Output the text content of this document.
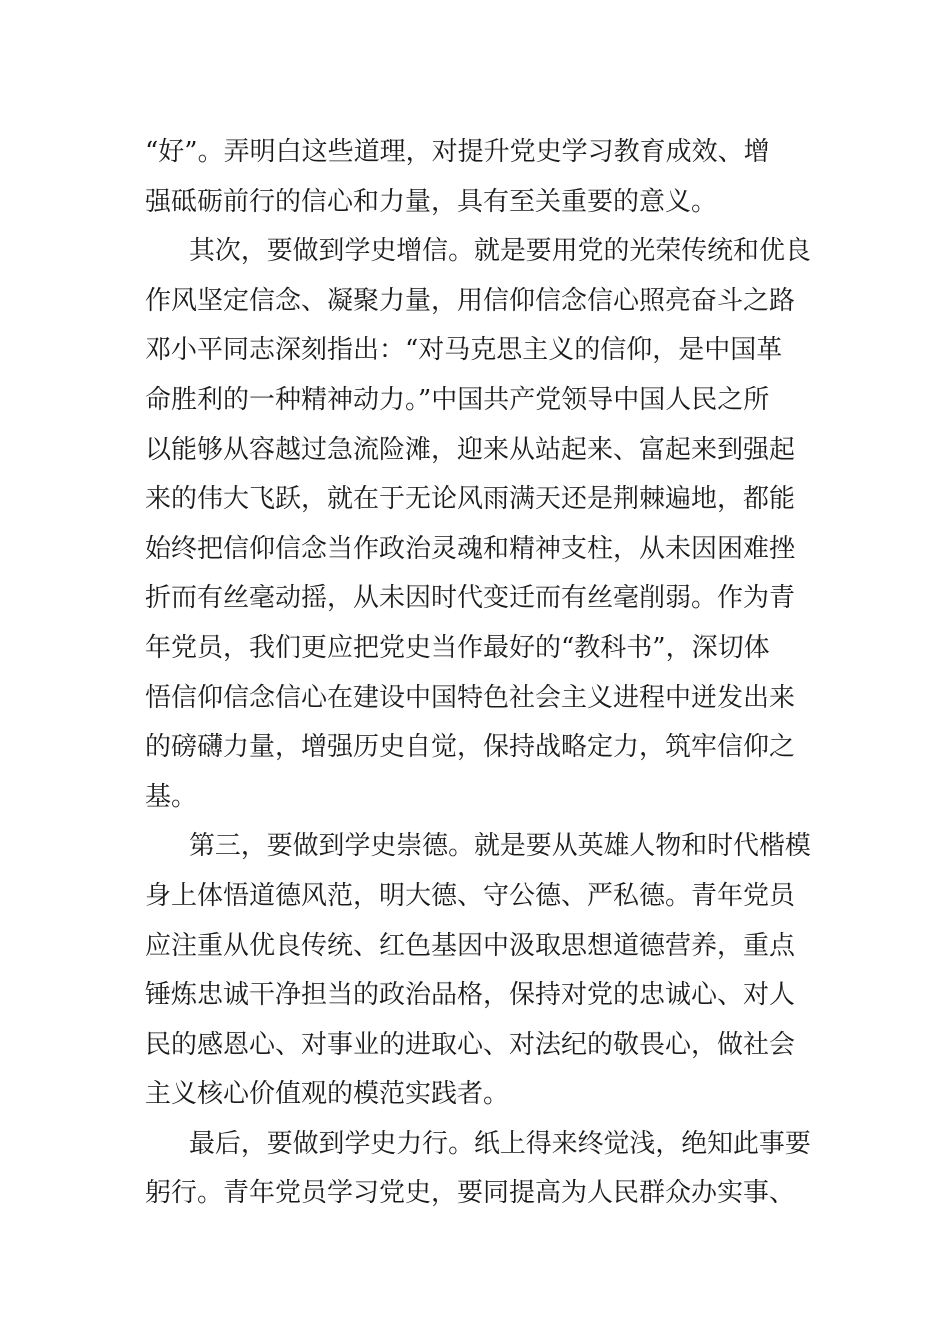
“好”。弄明白这些道理，对提升党史学习教育成效、增
强砥砺前行的信心和力量，具有至关重要的意义。
其次，要做到学史增信。就是要用党的光荣传统和优良
作风坚定信念、凝聚力量，用信仰信念信心照亮奋斗之路
邓小平同志深刻指出：“对马克思主义的信仰，是中国革
命胜利的一种精神动力。”中国共产党领导中国人民之所
以能够从容越过急流险滩，迎来从站起来、富起来到强起
来的伟大飞跃，就在于无论风雨满天还是荆棘遍地，都能
始终把信仰信念当作政治灵魂和精神支柱，从未因困难挫
折而有丝毫动摇，从未因时代变迁而有丝毫削弱。作为青
年党员，我们更应把党史当作最好的“教科书”，深切体
悟信仰信念信心在建设中国特色社会主义进程中迸发出来
的磅礴力量，增强历史自觉，保持战略定力，筑牢信仰之
基。
第三，要做到学史崇德。就是要从英雄人物和时代楷模
身上体悟道德风范，明大德、守公德、严私德。青年党员
应注重从优良传统、红色基因中汲取思想道德营养，重点
锤炼忠诚干净担当的政治品格，保持对党的忠诚心、对人
民的感恩心、对事业的进取心、对法纪的敬畏心，做社会
主义核心价值观的模范实践者。
最后，要做到学史力行。纸上得来终觉浅，绝知此事要
躬行。青年党员学习党史，要同提高为人民群众办实事、
